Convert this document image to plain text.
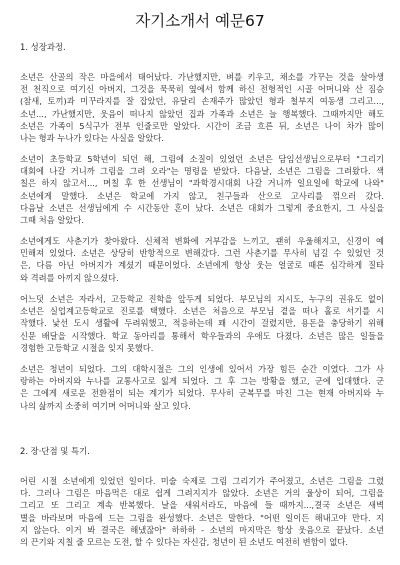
자기소개서 예문67
1. 성장과정.
소년은 산골의 작은 마을에서 태어났다. 가난했지만, 벼를 키우고, 채소를 가꾸는 것을 살아생
전 천직으로 여기신 아버지, 그것을 묵묵히 옆에서 함께 하신 전형적인 시골 어머니와 산 짐승
(참새, 토끼)과 미꾸라지를 잘 잡았던, 유달리 손재주가 많았던 형과 철부지 여동생 그리고...,
소년..., 가난했지만, 웃음이 떠나지 않았던 집과 가족과 소년은 늘 행복했다. 그때까지만 해도
소년은 가족이 5식구가 전부 인줄로만 알았다. 시간이 조금 흐른 뒤, 소년은 나이 차가 많이
나는 형과 누나가 있다는 사실을 알았다.
소년이 초등학교 5학년이 되던 해, 그림에 소질이 있었던 소년은 담임선생님으로부터 "그리기
대회에 나갈 거니까 그림을 그려 오라"는 명령을 받았다. 다음날, 소년은 그림을 그려왔다. 색
칠은 하지 않고서..., 며칠 후 한 선생님이 "과학경시대회 나갈 거니까 일요일에 학교에 나와"
소년에게 말했다. 소년은 학교에 가지 않고, 친구들과 산으로 고사리를 꺾으러 갔다.
다음날 소년은 선생님에게 수 시간동안 혼이 났다. 소년은 대회가 그렇게 중요한지, 그 사실을
그때 처음 알았다.
소년에게도 사춘기가 찾아왔다. 신체적 변화에 거부감을 느끼고, 괜히 우울해지고, 신경이 예
민해져 있었다. 소년은 상당히 반항적으로 변해갔다. 그런 사춘기를 무사히 넘길 수 있었던 것
은, 다름 아닌 아버지가 계셨기 때문이었다. 소년에게 항상 웃는 얼굴로 때론 심각하게 질타
와 격려를 아끼지 않으셨다.
어느덧 소년은 자라서, 고등학교 진학을 앞두게 되었다. 부모님의 지시도, 누구의 권유도 없이
소년은 실업계고등학교로 진로를 택했다. 소년은 처음으로 부모님 곁을 떠나 홀로 서기를 시
작했다. 낯선 도시 생활에 두려워했고, 적응하는데 꽤 시간이 걸렸지만, 용돈을 충당하기 위해
신문 배달을 시작했다. 학교 동아리를 통해서 학우들과의 우애도 다졌다. 소년은 많은 일들을
경험한 고등학교 시절을 잊지 못했다.
소년은 청년이 되었다. 그의 대학시절은 그의 인생에 있어서 가장 힘든 순간 이였다. 그가 사
랑하는 아버지와 누나를 교통사고로 잃게 되었다. 그 후 그는 방황을 했고, 군에 입대했다. 군
은 그에게 새로운 전환점이 되는 계기가 되었다. 무사히 군복무를 마친 그는 현재 아버지와 누
나의 삶까지 소중히 여기며 어머니와 살고 있다.
2. 장·단점 및 특기.
어린 시절 소년에게 있었던 일이다. 미술 숙제로 그림 그리기가 주어졌고, 소년은 그림을 그렸
다. 그러나 그림은 마음먹은 대로 쉽게 그려지지가 않았다. 소년은 거의 울상이 되어, 그림을
그리고 또 그리고 계속 반복했다. 날을 새워서라도, 마음에 들 때까지...,결국 소년은 새벽
별을 바라보며 마음에 드는 그림을 완성했다. 소년은 말한다. "어떤 일이든 해내고야 만다. 지
지 않는다. 이거 봐 결국은 해냈잖아" 하하하 - 소년의 마지막은 항상 웃음으로 끝났다. 소년
의 끈기와 지칠 줄 모르는 도전, 할 수 있다는 자신감, 청년이 된 소년도 여전히 변함이 없다.
